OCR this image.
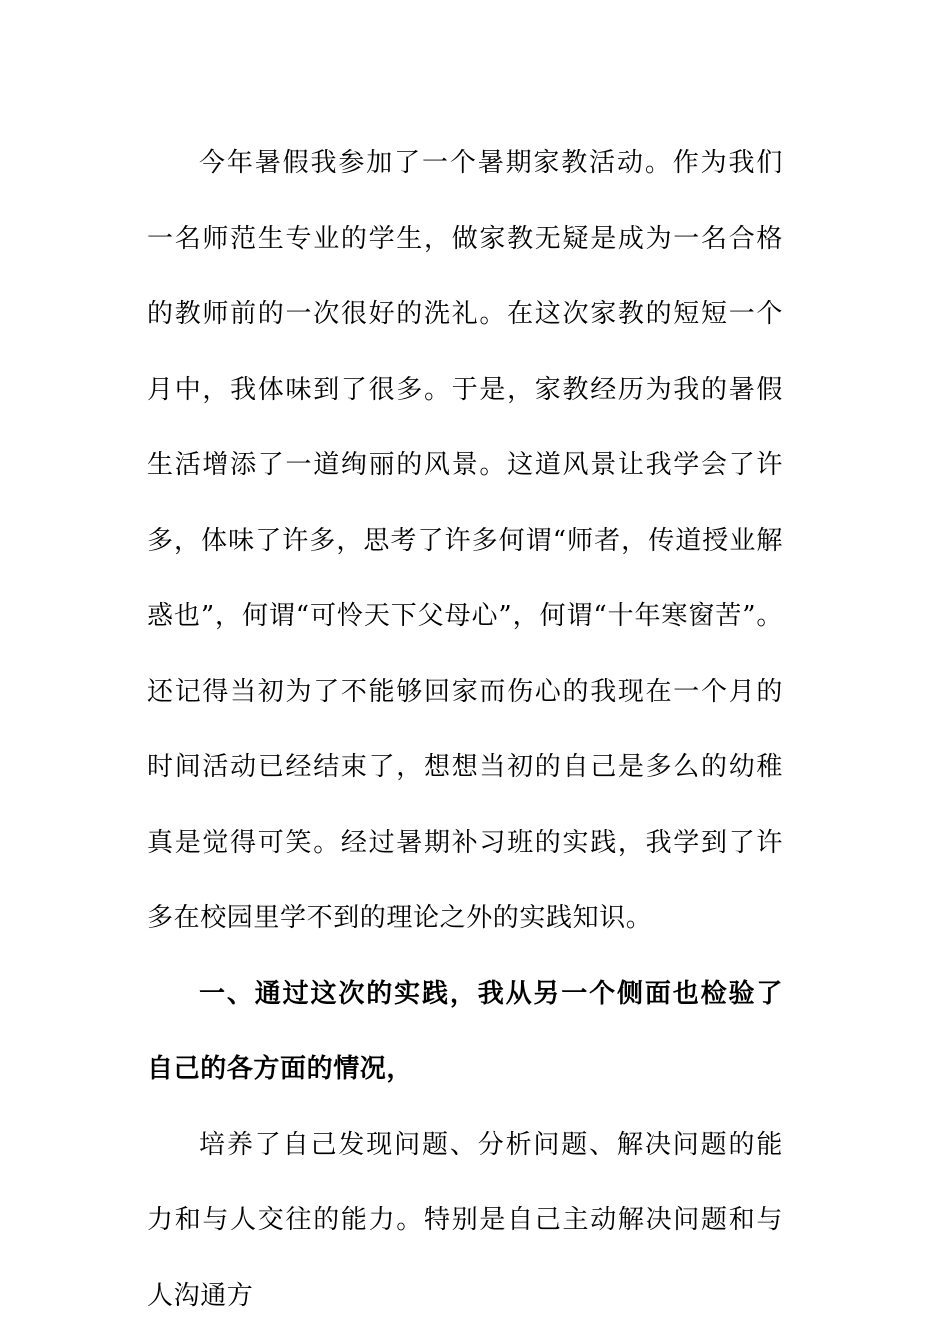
今年暑假我参加了一个暑期家教活动。作为我们一名师范生专业的学生，做家教无疑是成为一名合格的教师前的一次很好的洗礼。在这次家教的短短一个月中，我体味到了很多。于是，家教经历为我的暑假生活增添了一道绚丽的风景。这道风景让我学会了许多，体味了许多，思考了许多何谓“师者，传道授业解惑也”，何谓“可怜天下父母心”，何谓“十年寒窗苦”。还记得当初为了不能够回家而伤心的我现在一个月的时间活动已经结束了，想想当初的自己是多么的幼稚真是觉得可笑。经过暑期补习班的实践，我学到了许多在校园里学不到的理论之外的实践知识。

一、通过这次的实践，我从另一个侧面也检验了自己的各方面的情况，

培养了自己发现问题、分析问题、解决问题的能力和与人交往的能力。特别是自己主动解决问题和与人沟通方
